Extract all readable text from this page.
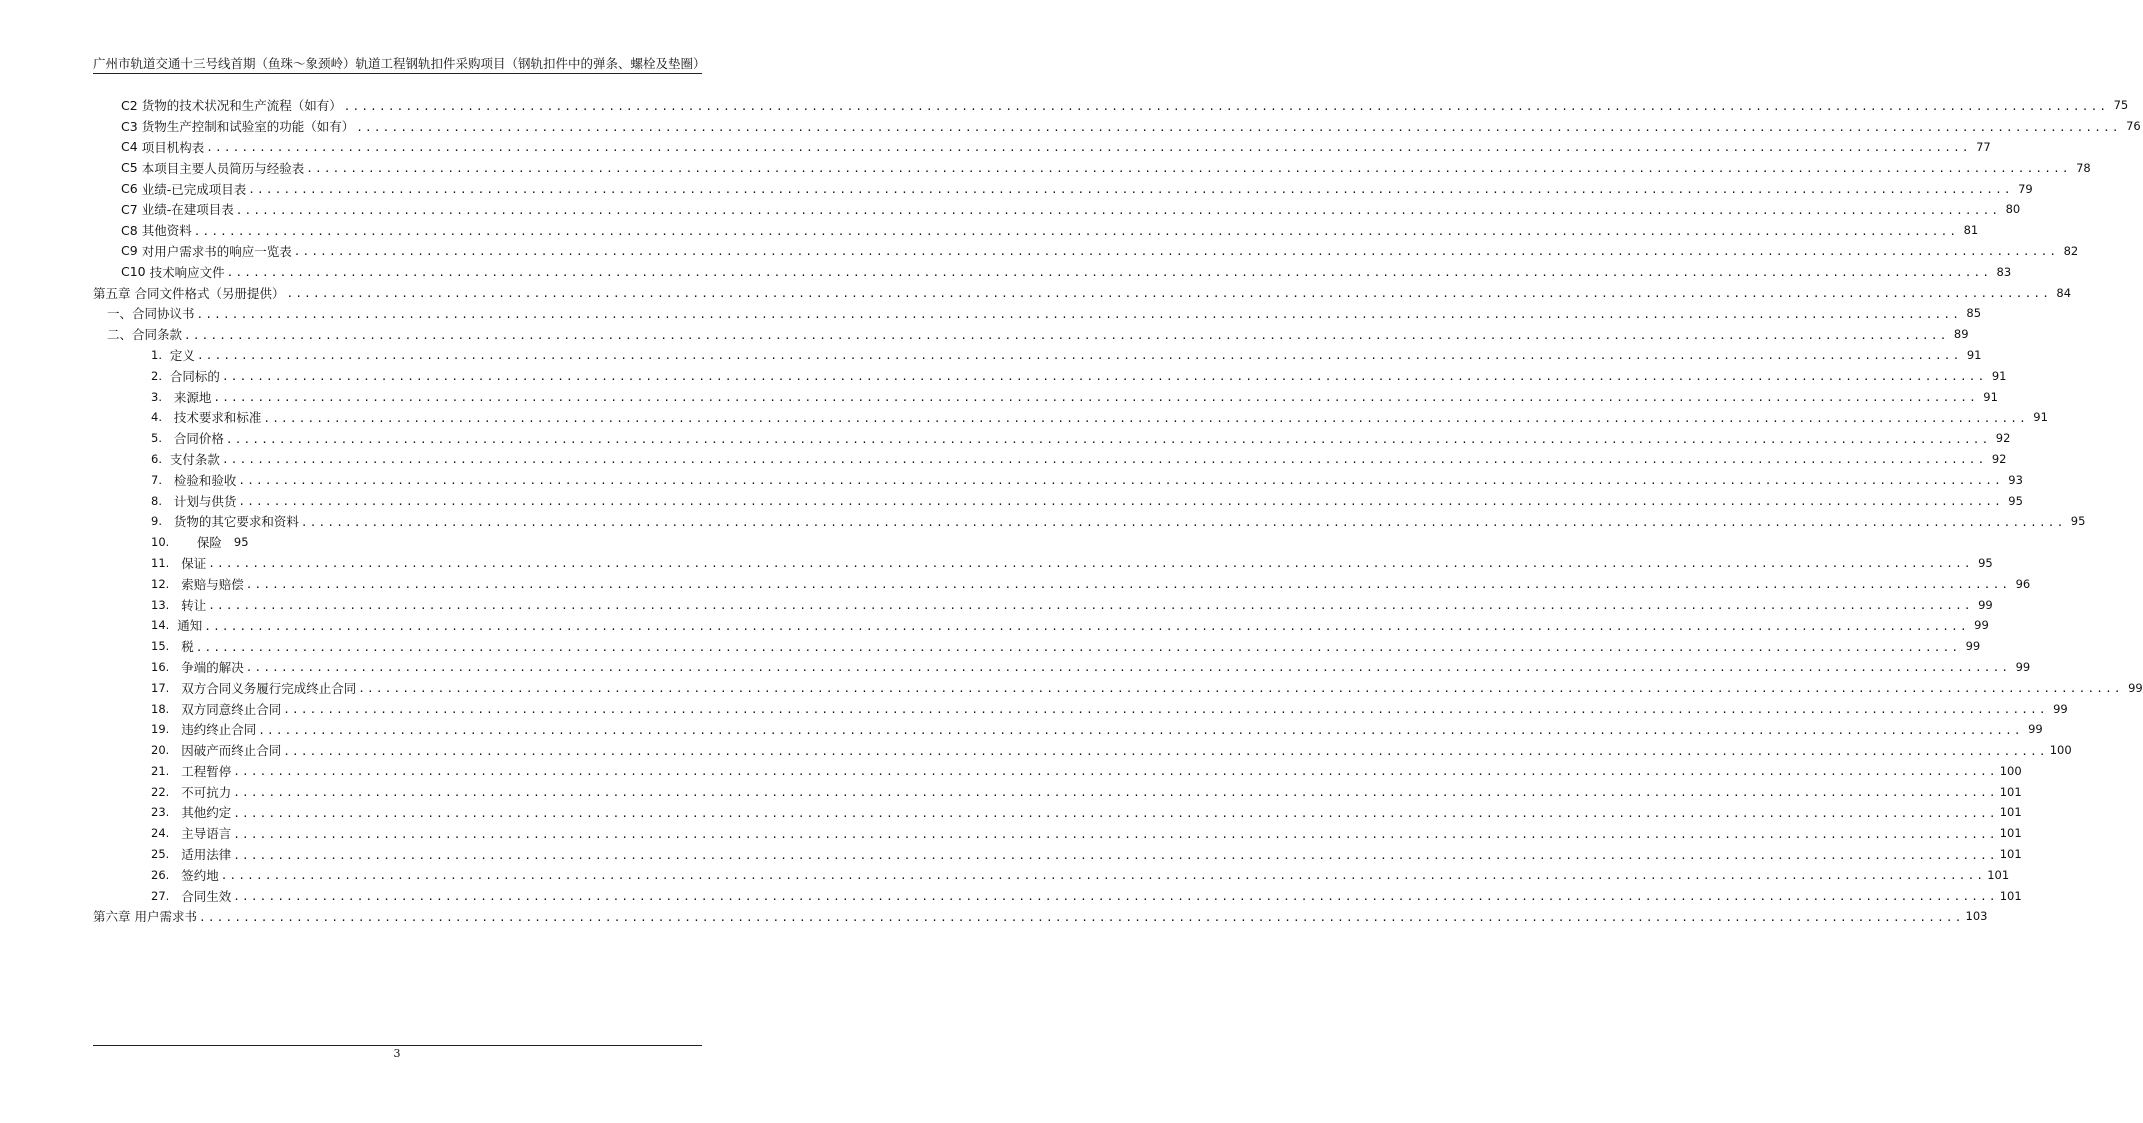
广州市轨道交通十三号线首期（鱼珠～象颈岭）轨道工程钢轨扣件采购项目（钢轨扣件中的弹条、螺栓及垫圈）
C2 货物的技术状况和生产流程（如有） ........................................................................................................................................................................................................ 75
C3 货物生产控制和试验室的功能（如有） ........................................................................................................................................................................................................ 76
C4 项目机构表 ........................................................................................................................................................................................................ 77
C5 本项目主要人员简历与经验表 ........................................................................................................................................................................................................ 78
C6 业绩-已完成项目表 ........................................................................................................................................................................................................ 79
C7 业绩-在建项目表 ........................................................................................................................................................................................................ 80
C8 其他资料 ........................................................................................................................................................................................................ 81
C9 对用户需求书的响应一览表 ........................................................................................................................................................................................................ 82
C10 技术响应文件 ........................................................................................................................................................................................................ 83
第五章 合同文件格式（另册提供） ........................................................................................................................................................................................................ 84
一、合同协议书 ........................................................................................................................................................................................................ 85
二、合同条款 ........................................................................................................................................................................................................ 89
1. 定义 ........................................................................................................................................................................................................ 91
2. 合同标的 ........................................................................................................................................................................................................ 91
3. 来源地 ........................................................................................................................................................................................................ 91
4. 技术要求和标准 ........................................................................................................................................................................................................ 91
5. 合同价格 ........................................................................................................................................................................................................ 92
6. 支付条款 ........................................................................................................................................................................................................ 92
7. 检验和验收 ........................................................................................................................................................................................................ 93
8. 计划与供货 ........................................................................................................................................................................................................ 95
9. 货物的其它要求和资料 ........................................................................................................................................................................................................ 95
10.	保险 95
11. 保证 ........................................................................................................................................................................................................ 95
12. 索赔与赔偿 ........................................................................................................................................................................................................ 96
13. 转让 ........................................................................................................................................................................................................ 99
14. 通知 ........................................................................................................................................................................................................ 99
15. 税 ........................................................................................................................................................................................................ 99
16. 争端的解决 ........................................................................................................................................................................................................ 99
17. 双方合同义务履行完成终止合同 ........................................................................................................................................................................................................ 99
18. 双方同意终止合同 ........................................................................................................................................................................................................ 99
19. 违约终止合同 ........................................................................................................................................................................................................ 99
20. 因破产而终止合同 ........................................................................................................................................................................................................ 100
21. 工程暂停 ........................................................................................................................................................................................................ 100
22. 不可抗力 ........................................................................................................................................................................................................ 101
23. 其他约定 ........................................................................................................................................................................................................ 101
24. 主导语言 ........................................................................................................................................................................................................ 101
25. 适用法律 ........................................................................................................................................................................................................ 101
26. 签约地 ........................................................................................................................................................................................................ 101
27. 合同生效 ........................................................................................................................................................................................................ 101
第六章 用户需求书 ........................................................................................................................................................................................................ 103
3
